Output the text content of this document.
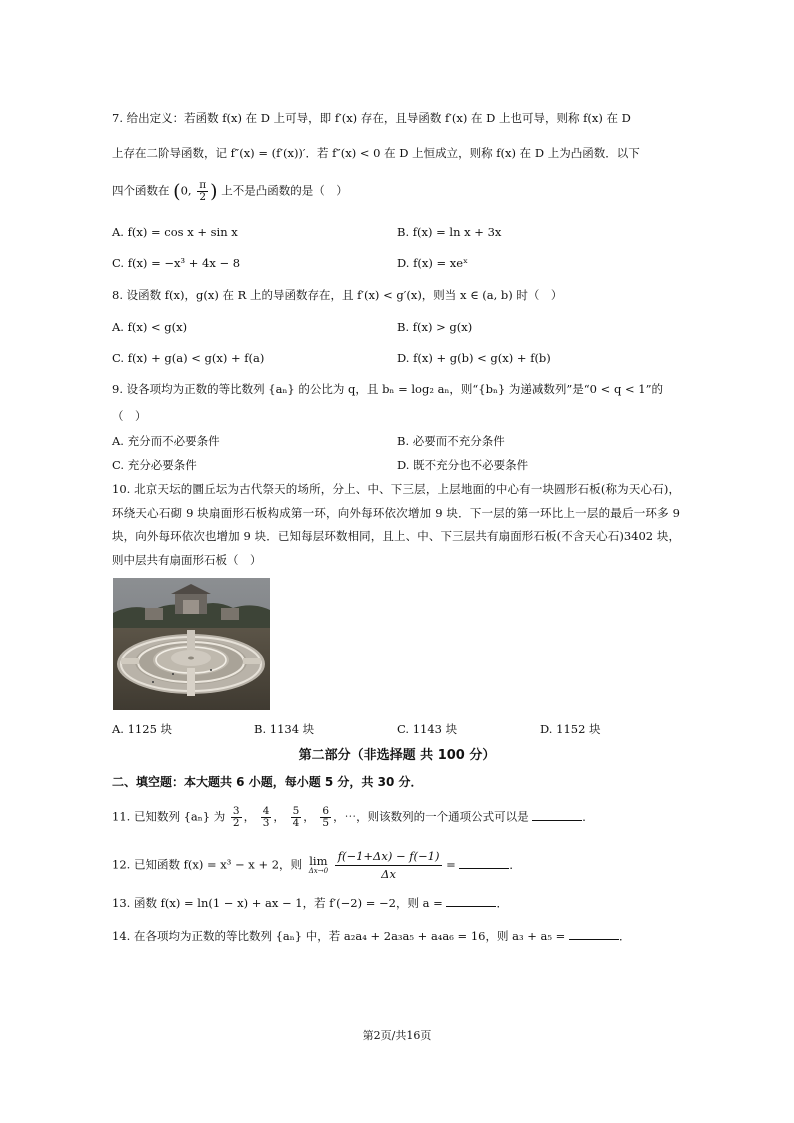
7. 给出定义：若函数 f(x) 在 D 上可导，即 f′(x) 存在，且导函数 f′(x) 在 D 上也可导，则称 f(x) 在 D
上存在二阶导函数，记 f″(x) = (f′(x))′．若 f″(x) < 0 在 D 上恒成立，则称 f(x) 在 D 上为凸函数．以下
四个函数在 (0, $\frac{\pi}{2}$ ) 上不是凸函数的是（　）
A. f(x) = cos x + sin x	B. f(x) = ln x + 3x
C. f(x) = −x³ + 4x − 8	D. f(x) = xeˣ
8. 设函数 f(x)，g(x) 在 R 上的导函数存在，且 f′(x) < g′(x)，则当 x ∈ (a, b) 时（　）
A. f(x) < g(x)	B. f(x) > g(x)
C. f(x) + g(a) < g(x) + f(a)	D. f(x) + g(b) < g(x) + f(b)
9. 设各项均为正数的等比数列 {aₙ} 的公比为 q，且 bₙ = log₂ aₙ，则“{bₙ} 为递减数列”是“0 < q < 1”的
（　）
A. 充分而不必要条件	B. 必要而不充分条件
C. 充分必要条件	D. 既不充分也不必要条件
10. 北京天坛的圜丘坛为古代祭天的场所，分上、中、下三层，上层地面的中心有一块圆形石板(称为天心石)，环绕天心石砌 9 块扇面形石板构成第一环，向外每环依次增加 9 块．下一层的第一环比上一层的最后一环多 9 块，向外每环依次也增加 9 块．已知每层环数相同，且上、中、下三层共有扇面形石板(不含天心石)3402 块，则中层共有扇面形石板（　）
A. 1125 块	B. 1134 块	C. 1143 块	D. 1152 块
第二部分（非选择题 共 100 分）
二、填空题：本大题共 6 小题，每小题 5 分，共 30 分．
11. 已知数列 {aₙ} 为 $\frac{3}{2}$ ， $\frac{4}{3}$ ， $\frac{5}{4}$ ， $\frac{6}{5}$ ，⋯，则该数列的一个通项公式可以是	．
12. 已知函数 f(x) = x³ − x + 2，则 lim
Δx→0
$\frac{f(-1+\Delta x) - f(-1)}{\Delta x}$ =	．
13. 函数 f(x) = ln(1 − x) + ax − 1，若 f′(−2) = −2，则 a =	．
14. 在各项均为正数的等比数列 {aₙ} 中，若 a₂a₄ + 2a₃a₅ + a₄a₆ = 16，则 a₃ + a₅ =	．
第2页/共16页
